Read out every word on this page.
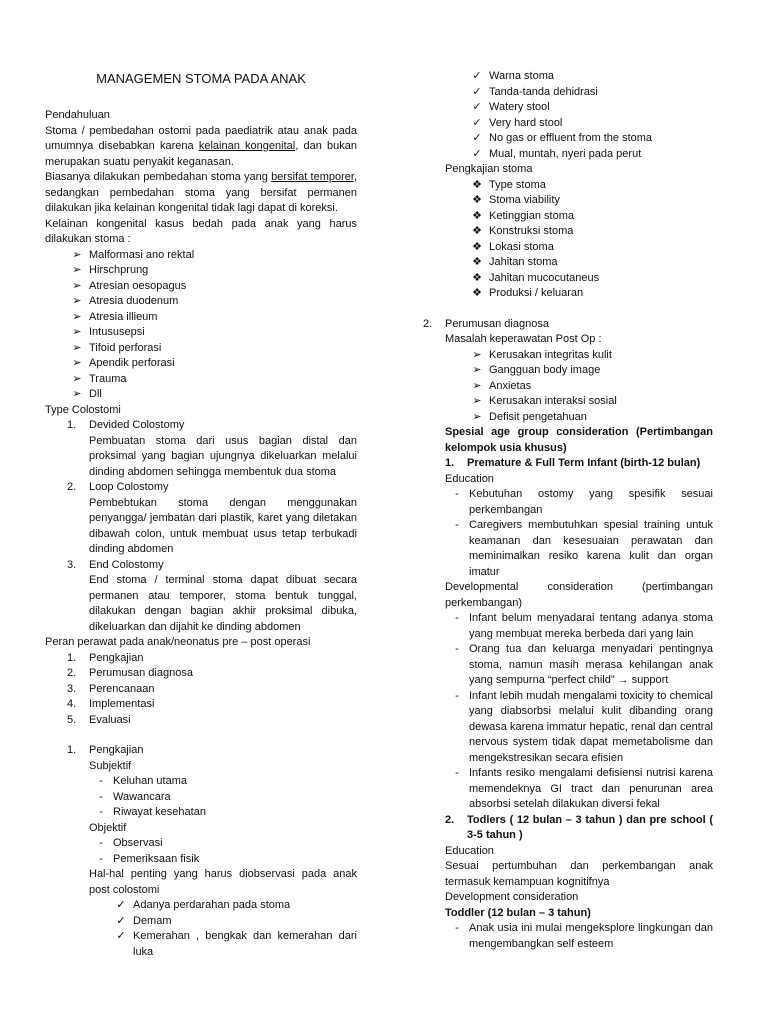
MANAGEMEN STOMA PADA ANAK
Pendahuluan
Stoma / pembedahan ostomi pada paediatrik atau anak pada umumnya disebabkan karena kelainan kongenital, dan bukan merupakan suatu penyakit keganasan.
Biasanya dilakukan pembedahan stoma yang bersifat temporer, sedangkan pembedahan stoma yang bersifat permanen dilakukan jika kelainan kongenital tidak lagi dapat di koreksi.
Kelainan kongenital kasus bedah pada anak yang harus dilakukan stoma :
➢ Malformasi ano rektal
➢ Hirschprung
➢ Atresian oesopagus
➢ Atresia duodenum
➢ Atresia illieum
➢ Intususepsi
➢ Tifoid perforasi
➢ Apendik perforasi
➢ Trauma
➢ Dll
Type Colostomi
1.	Devided Colostomy
Pembuatan stoma dari usus bagian distal dan proksimal yang bagian ujungnya dikeluarkan melalui dinding abdomen sehingga membentuk dua stoma
2.	Loop Colostomy
Pembebtukan stoma dengan menggunakan penyangga/ jembatan dari plastik, karet yang diletakan dibawah colon, untuk membuat usus tetap terbukadi dinding abdomen
3.	End Colostomy
End stoma / terminal stoma dapat dibuat secara permanen atau temporer, stoma bentuk tunggal, dilakukan dengan bagian akhir proksimal dibuka, dikeluarkan dan dijahit ke dinding abdomen
Peran perawat pada anak/neonatus pre – post operasi
1.	Pengkajian
2.	Perumusan diagnosa
3.	Perencanaan
4.	Implementasi
5.	Evaluasi
1.	Pengkajian
Subjektif
- Keluhan utama
- Wawancara
- Riwayat kesehatan
Objektif
- Observasi
- Pemeriksaan fisik
Hal-hal penting yang harus diobservasi pada anak post colostomi
✓ Adanya perdarahan pada stoma
✓ Demam
✓ Kemerahan , bengkak dan kemerahan dari luka
✓ Warna stoma
✓ Tanda-tanda dehidrasi
✓ Watery stool
✓ Very hard stool
✓ No gas or effluent from the stoma
✓ Mual, muntah, nyeri pada perut
Pengkajian stoma
❖ Type stoma
❖ Stoma viability
❖ Ketinggian stoma
❖ Konstruksi stoma
❖ Lokasi stoma
❖ Jahitan stoma
❖ Jahitan mucocutaneus
❖ Produksi / keluaran
2.	Perumusan diagnosa
Masalah keperawatan Post Op :
➢ Kerusakan integritas kulit
➢ Gangguan body image
➢ Anxietas
➢ Kerusakan interaksi sosial
➢ Defisit pengetahuan
Spesial age group consideration (Pertimbangan kelompok usia khusus)
1.	Premature & Full Term Infant (birth-12 bulan)
Education
- Kebutuhan ostomy yang spesifik sesuai perkembangan
- Caregivers membutuhkan spesial training untuk keamanan dan kesesuaian perawatan dan meminimalkan resiko karena kulit dan organ imatur
Developmental consideration (pertimbangan perkembangan)
- Infant belum menyadarai tentang adanya stoma yang membuat mereka berbeda dari yang lain
- Orang tua dan keluarga menyadari pentingnya stoma, namun masih merasa kehilangan anak yang sempurna “perfect child” → support
- Infant lebih mudah mengalami toxicity to chemical yang diabsorbsi melalui kulit dibanding orang dewasa karena immatur hepatic, renal dan central nervous system tidak dapat memetabolisme dan mengekstresikan secara efisien
- Infants resiko mengalami defisiensi nutrisi karena memendeknya GI tract dan penurunan area absorbsi setelah dilakukan diversi fekal
2.	Todlers ( 12 bulan – 3 tahun ) dan pre school ( 3-5 tahun )
Education
Sesuai pertumbuhan dan perkembangan anak termasuk kemampuan kognitifnya
Development consideration
Toddler (12 bulan – 3 tahun)
- Anak usia ini mulai mengeksplore lingkungan dan mengembangkan self esteem
